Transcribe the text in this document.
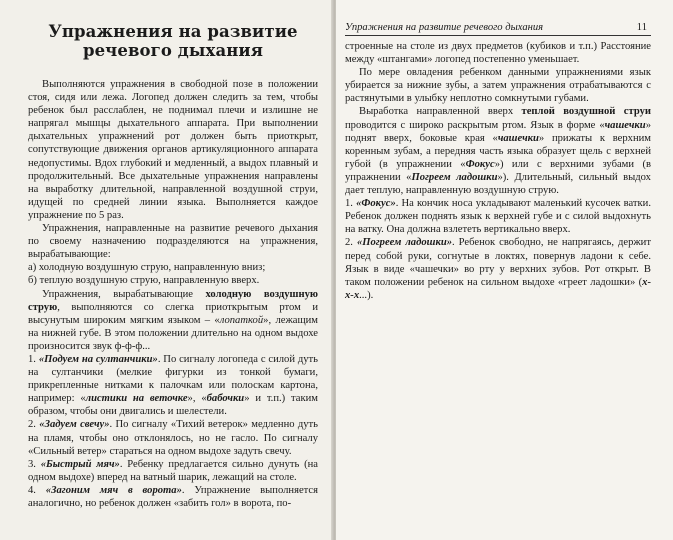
Упражнения на развитие
речевого дыхания

Выполняются упражнения в свободной позе в положении стоя, сидя или лежа. Логопед должен следить за тем, чтобы ребенок был расслаблен, не поднимал плечи и излишне не напрягал мышцы дыхательного аппарата. При выполнении дыхательных упражнений рот должен быть приоткрыт, сопутствующие движения органов артикуляционного аппарата недопустимы. Вдох глубокий и медленный, а выдох плавный и продолжительный. Все дыхательные упражнения направлены на выработку длительной, направленной воздушной струи, идущей по средней линии языка. Выполняется каждое упражнение по 5 раз.

Упражнения, направленные на развитие речевого дыхания по своему назначению подразделяются на упражнения, вырабатывающие:

а) холодную воздушную струю, направленную вниз;

б) теплую воздушную струю, направленную вверх.

Упражнения, вырабатывающие холодную воздушную струю, выполняются со слегка приоткрытым ртом и высунутым широким мягким языком – «лопаткой», лежащим на нижней губе. В этом положении длительно на одном выдохе произносится звук ф-ф-ф...

1. «Подуем на султанчики». По сигналу логопеда с силой дуть на султанчики (мелкие фигурки из тонкой бумаги, прикрепленные нитками к палочкам или полоскам картона, например: «листики на веточке», «бабочки» и т.п.) таким образом, чтобы они двигались и шелестели.

2. «Задуем свечу». По сигналу «Тихий ветерок» медленно дуть на пламя, чтобы оно отклонялось, но не гасло. По сигналу «Сильный ветер» стараться на одном выдохе задуть свечу.

3. «Быстрый мяч». Ребенку предлагается сильно дунуть (на одном выдохе) вперед на ватный шарик, лежащий на столе.

4. «Загоним мяч в ворота». Упражнение выполняется аналогично, но ребенок должен «забить гол» в ворота, по-

Упражнения на развитие речевого дыхания	11

строенные на столе из двух предметов (кубиков и т.п.) Расстояние между «штангами» логопед постепенно уменьшает.

По мере овладения ребенком данными упражнениями язык убирается за нижние зубы, а затем упражнения отрабатываются с растянутыми в улыбку неплотно сомкнутыми губами.

Выработка направленной вверх теплой воздушной струи проводится с широко раскрытым ртом. Язык в форме «чашечки» поднят вверх, боковые края «чашечки» прижаты к верхним коренным зубам, а передняя часть языка образует щель с верхней губой (в упражнении «Фокус») или с верхними зубами (в упражнении «Погреем ладошки»). Длительный, сильный выдох дает теплую, направленную воздушную струю.

1. «Фокус». На кончик носа укладывают маленький кусочек ватки. Ребенок должен поднять язык к верхней губе и с силой выдохнуть на ватку. Она должна взлететь вертикально вверх.

2. «Погреем ладошки». Ребенок свободно, не напрягаясь, держит перед собой руки, согнутые в локтях, повернув ладони к себе. Язык в виде «чашечки» во рту у верхних зубов. Рот открыт. В таком положении ребенок на сильном выдохе «греет ладошки» (х-х-х...).
